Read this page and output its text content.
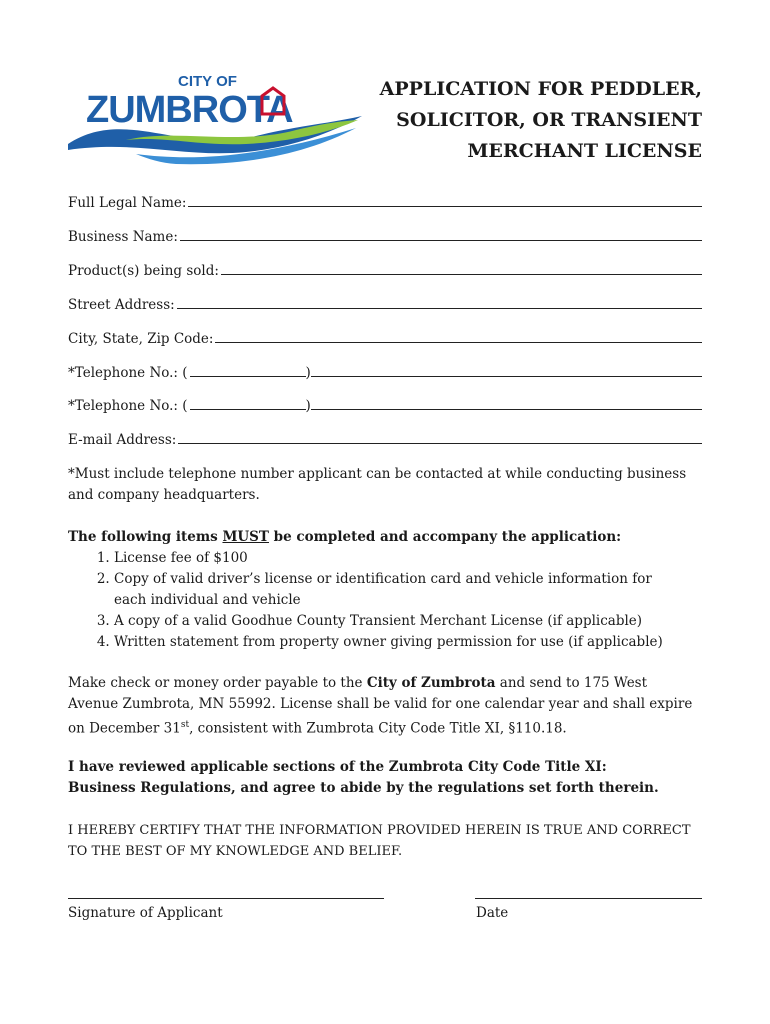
CITY OF
ZUMBROTA	APPLICATION FOR PEDDLER,
SOLICITOR, OR TRANSIENT
MERCHANT LICENSE
Full Legal Name:
Business Name:
Product(s) being sold:
Street Address:
City, State, Zip Code:
*Telephone No.: (	)
*Telephone No.: (	)
E-mail Address:
*Must include telephone number applicant can be contacted at while conducting business and company headquarters.
The following items MUST be completed and accompany the application:
1. License fee of $100
2. Copy of valid driver’s license or identification card and vehicle information for each individual and vehicle
3. A copy of a valid Goodhue County Transient Merchant License (if applicable)
4. Written statement from property owner giving permission for use (if applicable)
Make check or money order payable to the City of Zumbrota and send to 175 West Avenue Zumbrota, MN 55992. License shall be valid for one calendar year and shall expire on December 31st, consistent with Zumbrota City Code Title XI, §110.18.
I have reviewed applicable sections of the Zumbrota City Code Title XI: Business Regulations, and agree to abide by the regulations set forth therein.
I HEREBY CERTIFY THAT THE INFORMATION PROVIDED HEREIN IS TRUE AND CORRECT TO THE BEST OF MY KNOWLEDGE AND BELIEF.
Signature of Applicant	Date
